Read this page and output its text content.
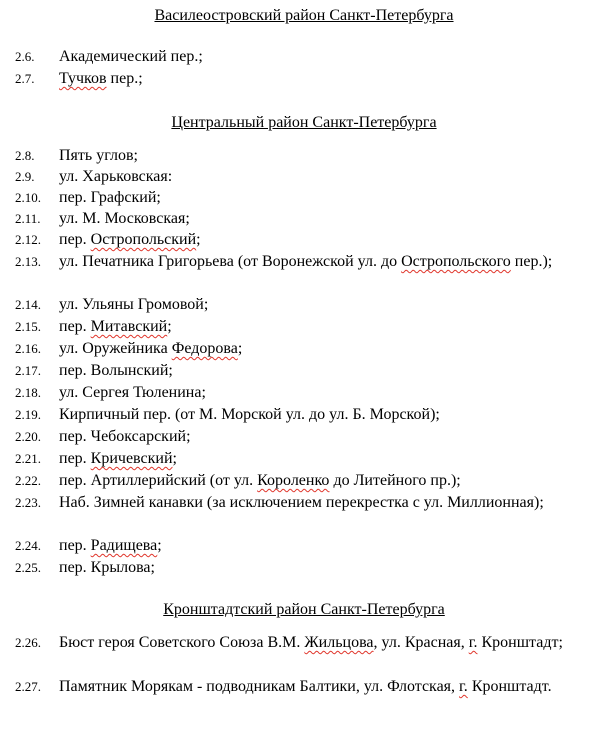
Василеостровский район Санкт-Петербурга
2.6.	Академический пер.;
2.7.	Тучков пер.;
Центральный район Санкт-Петербурга
2.8.	Пять углов;
2.9.	ул. Харьковская:
2.10.	пер. Графский;
2.11.	ул. М. Московская;
2.12.	пер. Остропольский;
2.13.	ул. Печатника Григорьева (от Воронежской ул. до Остропольского пер.);
2.14.	ул. Ульяны Громовой;
2.15.	пер. Митавский;
2.16.	ул. Оружейника Федорова;
2.17.	пер. Волынский;
2.18.	ул. Сергея Тюленина;
2.19.	Кирпичный пер. (от М. Морской ул. до ул. Б. Морской);
2.20.	пер. Чебоксарский;
2.21.	пер. Кричевский;
2.22.	пер. Артиллерийский (от ул. Короленко до Литейного пр.);
2.23.	Наб. Зимней канавки (за исключением перекрестка с ул. Миллионная);
2.24.	пер. Радищева;
2.25.	пер. Крылова;
Кронштадтский район Санкт-Петербурга
2.26.	Бюст героя Советского Союза В.М. Жильцова, ул. Красная, г. Кронштадт;
2.27.	Памятник Морякам - подводникам Балтики, ул. Флотская, г. Кронштадт.
